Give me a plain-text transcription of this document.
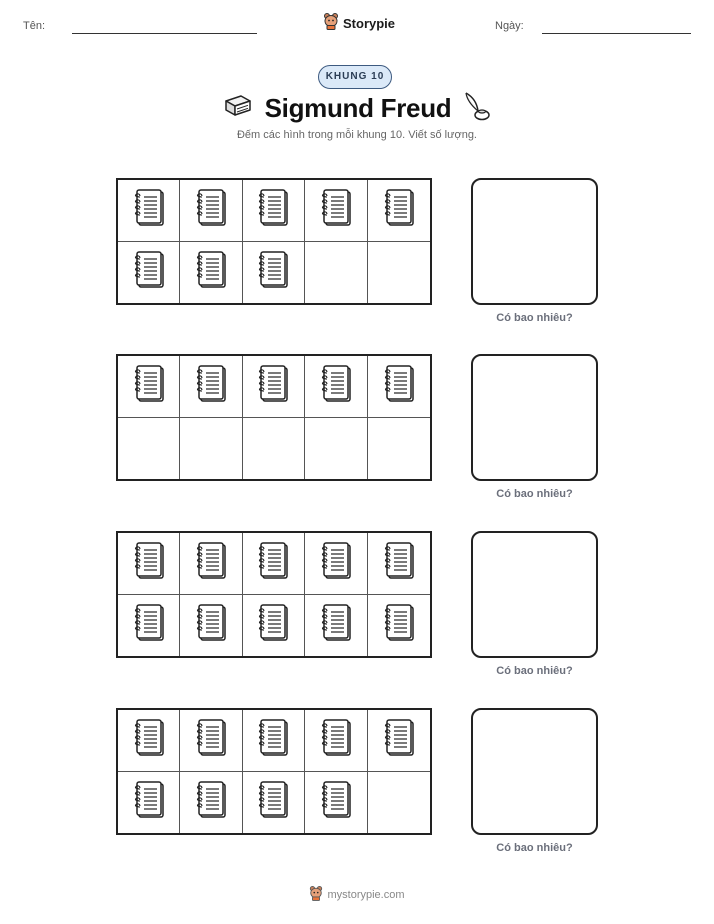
Tên:	Storypie	Ngày:
KHUNG 10
Sigmund Freud
Đếm các hình trong mỗi khung 10. Viết số lượng.
Có bao nhiêu?
Có bao nhiêu?
Có bao nhiêu?
Có bao nhiêu?
mystorypie.com
